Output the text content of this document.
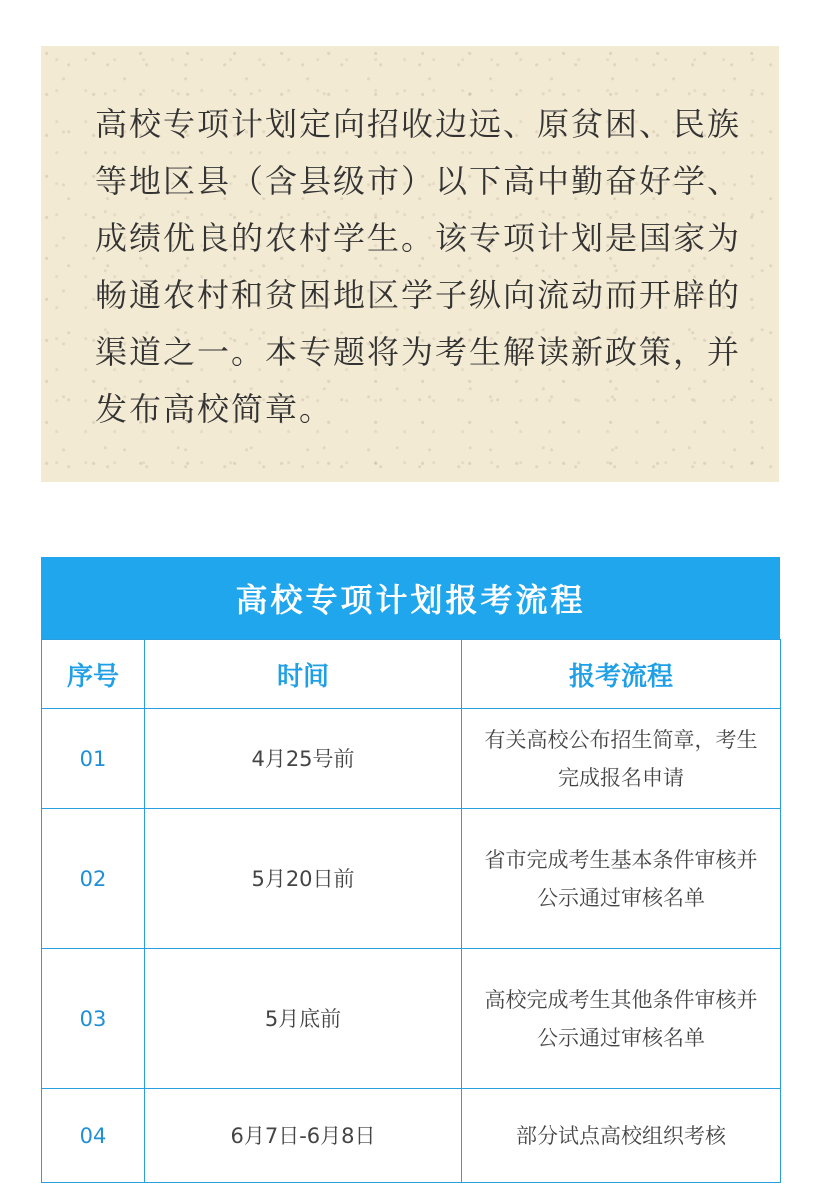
高校专项计划定向招收边远、原贫困、民族等地区县（含县级市）以下高中勤奋好学、成绩优良的农村学生。该专项计划是国家为畅通农村和贫困地区学子纵向流动而开辟的渠道之一。本专题将为考生解读新政策，并发布高校简章。

高校专项计划报考流程
序号	时间	报考流程
01	4月25号前	有关高校公布招生简章，考生完成报名申请
02	5月20日前	省市完成考生基本条件审核并公示通过审核名单
03	5月底前	高校完成考生其他条件审核并公示通过审核名单
04	6月7日-6月8日	部分试点高校组织考核
